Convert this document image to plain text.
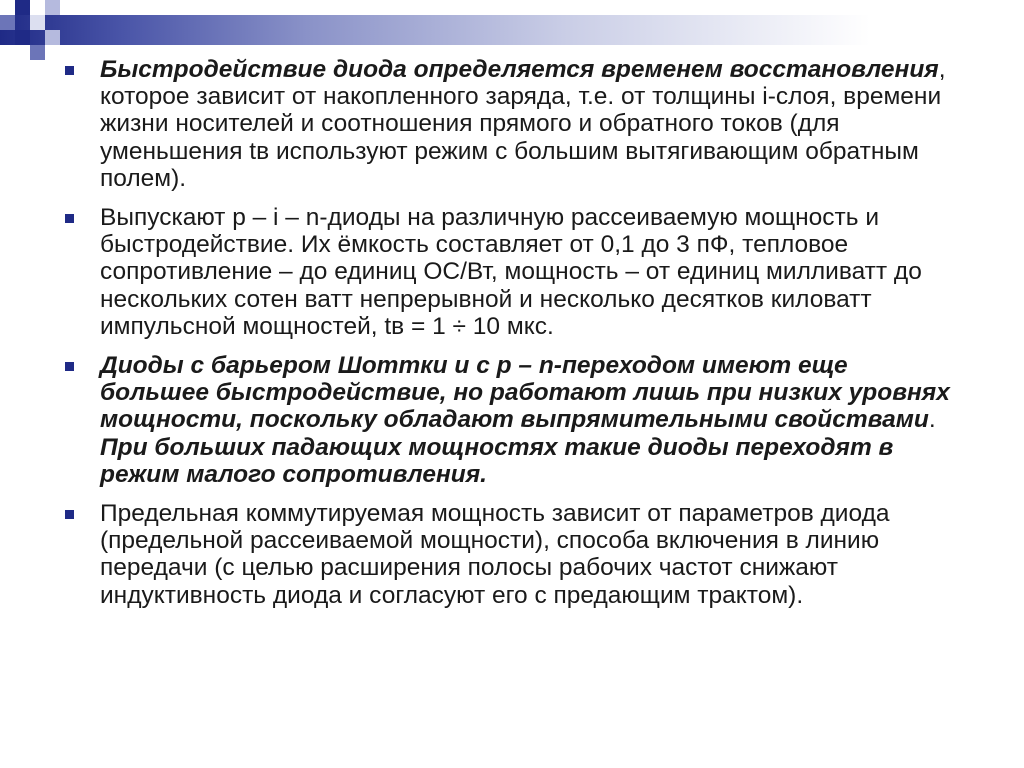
Быстродействие диода определяется временем восстановления, которое зависит от накопленного заряда, т.е. от толщины i-слоя, времени жизни носителей и соотношения прямого и обратного токов (для уменьшения tв используют режим с большим вытягивающим обратным полем).
Выпускают p – i – n-диоды на различную рассеиваемую мощность и быстродействие. Их ёмкость составляет от 0,1 до 3 пФ, тепловое сопротивление – до единиц ОС/Вт, мощность – от единиц милливатт до нескольких сотен ватт непрерывной и несколько десятков киловатт импульсной мощностей, tв = 1 ÷ 10 мкс.
Диоды с барьером Шоттки и с p – n-переходом имеют еще большее быстродействие, но работают лишь при низких уровнях мощности, поскольку обладают выпрямительными свойствами. При больших падающих мощностях такие диоды переходят в режим малого сопротивления.
Предельная коммутируемая мощность зависит от параметров диода (предельной рассеиваемой мощности), способа включения в линию передачи (с целью расширения полосы рабочих частот снижают индуктивность диода и согласуют его с предающим трактом).
